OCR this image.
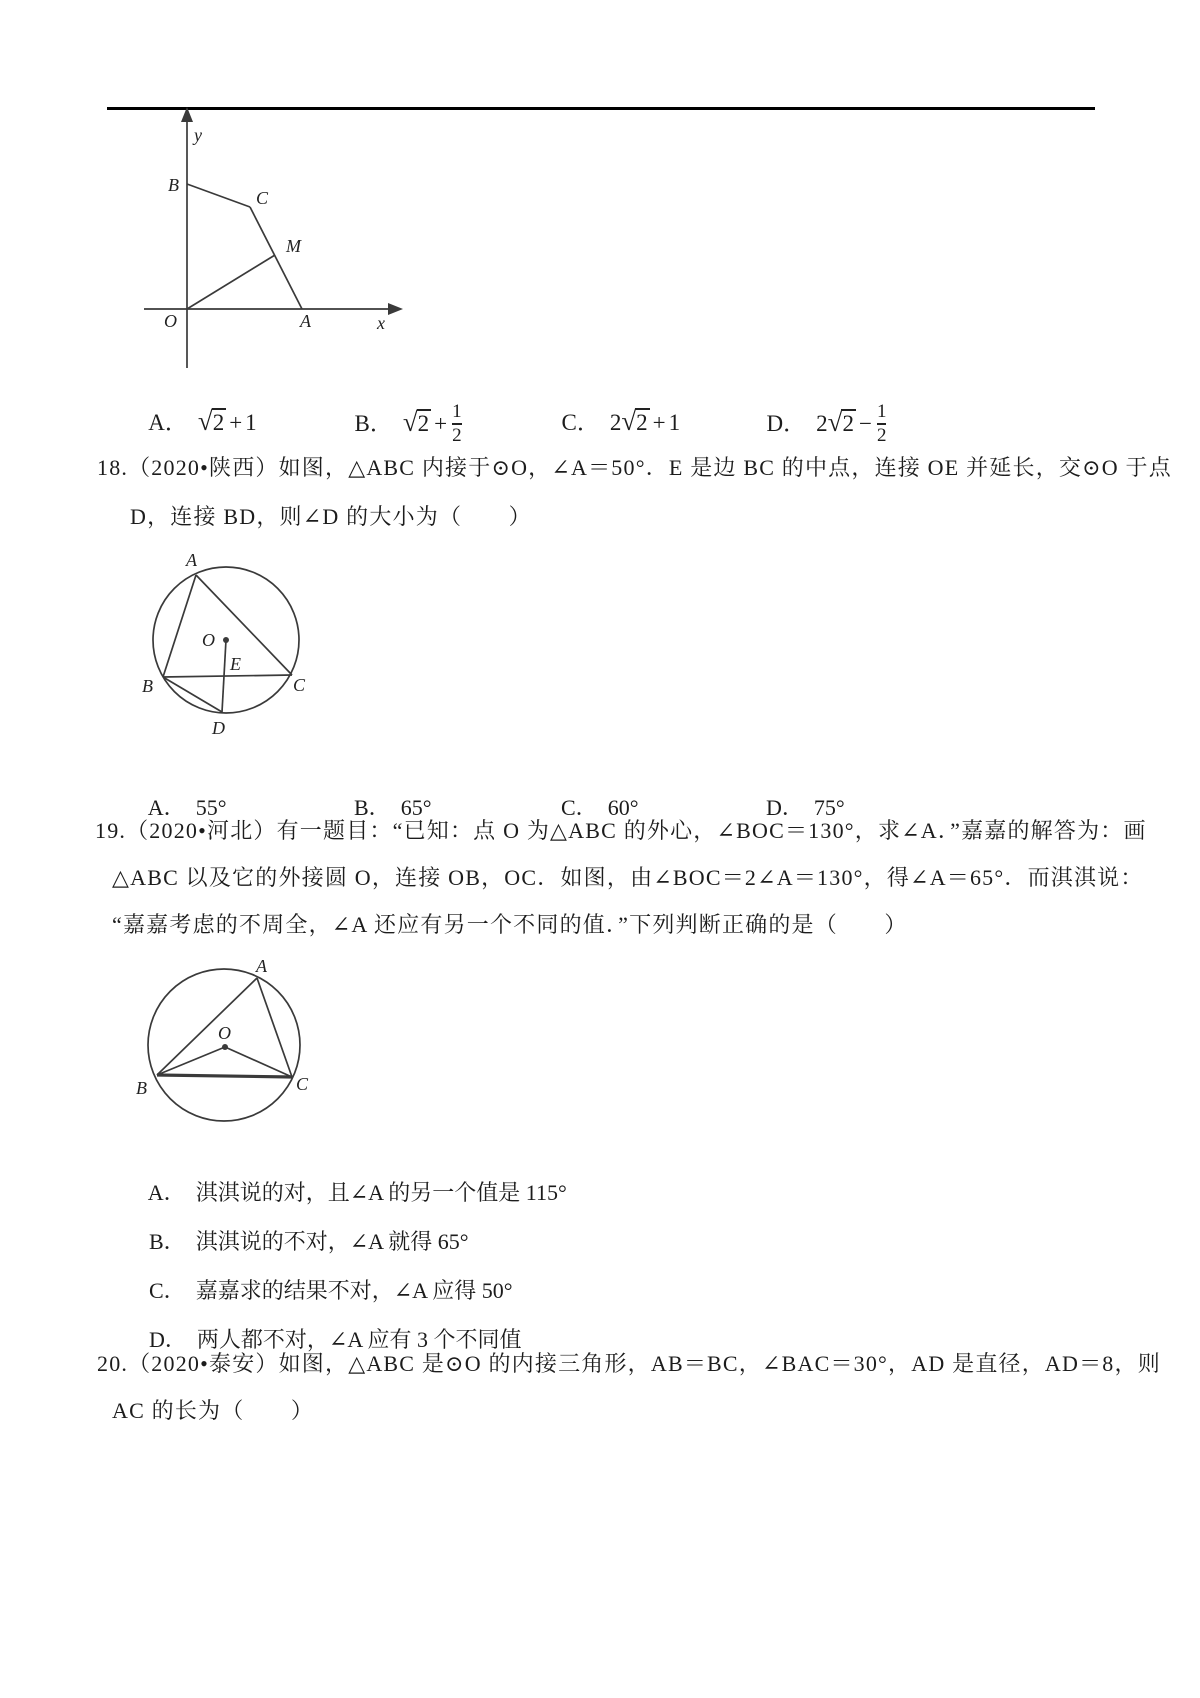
y
B
C
M
O	A	x

A． √2 + 1	B． $√2 + \frac{1}{2}$	C． 2√2 + 1	D． $2√2 - \frac{1}{2}$

18.（2020•陕西）如图，△ABC 内接于⊙O，∠A＝50°．E 是边 BC 的中点，连接 OE 并延长，交⊙O 于点
D，连接 BD，则∠D 的大小为（　　）
A
O
E
B	C
D

A． 55°	B． 65°	C． 60°	D． 75°

19.（2020•河北）有一题目：“已知：点 O 为△ABC 的外心，∠BOC＝130°，求∠A．”嘉嘉的解答为：画
△ABC 以及它的外接圆 O，连接 OB，OC．如图，由∠BOC＝2∠A＝130°，得∠A＝65°．而淇淇说：
“嘉嘉考虑的不周全，∠A 还应有另一个不同的值．”下列判断正确的是（　　）
A
O
B	C

A． 淇淇说的对，且∠A 的另一个值是 115°

B． 淇淇说的不对，∠A 就得 65°

C． 嘉嘉求的结果不对，∠A 应得 50°

D． 两人都不对，∠A 应有 3 个不同值

20.（2020•泰安）如图，△ABC 是⊙O 的内接三角形，AB＝BC，∠BAC＝30°，AD 是直径，AD＝8，则
AC 的长为（　　）
